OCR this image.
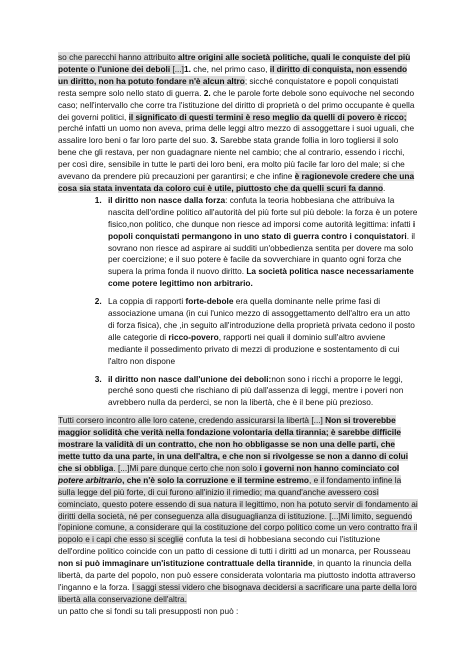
so che parecchi hanno attribuito altre origini alle società politiche, quali le conquiste del più potente o l'unione dei deboli [...]1. che, nel primo caso, il diritto di conquista, non essendo un diritto, non ha potuto fondare n'è alcun altro; sicché conquistatore e popoli conquistati resta sempre solo nello stato di guerra. 2. che le parole forte debole sono equivoche nel secondo caso; nell'intervallo che corre tra l'istituzione del diritto di proprietà o del primo occupante è quella dei governi politici, il significato di questi termini è reso meglio da quelli di povero è ricco; perché infatti un uomo non aveva, prima delle leggi altro mezzo di assoggettare i suoi uguali, che assalire loro beni o far loro parte del suo. 3. Sarebbe stata grande follia in loro togliersi il solo bene che gli restava, per non guadagnare niente nel cambio; che al contrario, essendo i ricchi, per così dire, sensibile in tutte le parti dei loro beni, era molto più facile far loro del male; si che avevano da prendere più precauzioni per garantirsi; e che infine è ragionevole credere che una cosa sia stata inventata da coloro cui è utile, piuttosto che da quelli scuri fa danno.

1. il diritto non nasce dalla forza: confuta la teoria hobbesiana che attribuiva la nascita dell'ordine politico all'autorità del più forte sul più debole: la forza è un potere fisico,non politico, che dunque non riesce ad imporsi come autorità legittima: infatti i popoli conquistati permangono in uno stato di guerra contro i conquistatori. il sovrano non riesce ad aspirare ai sudditi un'obbedienza sentita per dovere ma solo per coercizione; e il suo potere è facile da sovverchiare in quanto ogni forza che supera la prima fonda il nuovo diritto. La società politica nasce necessariamente come potere legittimo non arbitrario.
2. La coppia di rapporti forte-debole era quella dominante nelle prime fasi di associazione umana (in cui l'unico mezzo di assoggettamento dell'altro era un atto di forza fisica), che ,in seguito all'introduzione della proprietà privata cedono il posto alle categorie di ricco-povero, rapporti nei quali il dominio sull'altro avviene mediante il possedimento privato di mezzi di produzione e sostentamento di cui l'altro non dispone
3. il diritto non nasce dall'unione dei deboli:non sono i ricchi a proporre le leggi, perché sono questi che rischiano di più dall'assenza di leggi, mentre i poveri non avrebbero nulla da perderci, se non la libertà, che è il bene più prezioso.

Tutti corsero incontro alle loro catene, credendo assicurarsi la libertà [...] Non si troverebbe maggior solidità che verità nella fondazione volontaria della tirannia; è sarebbe difficile mostrare la validità di un contratto, che non ho obbligasse se non una delle parti, che mette tutto da una parte, in una dell'altra, e che non si rivolgesse se non a danno di colui che si obbliga. [...]Mi pare dunque certo che non solo i governi non hanno cominciato col potere arbitrario, che n'è solo la corruzione e il termine estremo, e il fondamento infine la sulla legge del più forte, di cui furono all'inizio il rimedio; ma quand'anche avessero così cominciato, questo potere essendo di sua natura il legittimo, non ha potuto servir di fondamento ai diritti della società, né per conseguenza alla disuguaglianza di istituzione. [...]Mi limito, seguendo l'opinione comune, a considerare qui la costituzione del corpo politico come un vero contratto fra il popolo e i capi che esso si sceglie confuta la tesi di hobbesiana secondo cui l'istituzione dell'ordine politico coincide con un patto di cessione di tutti i diritti ad un monarca, per Rousseau non si può immaginare un'istituzione contrattuale della tirannide, in quanto la rinuncia della libertà, da parte del popolo, non può essere considerata volontaria ma piuttosto indotta attraverso l'inganno e la forza. I saggi stessi videro che bisognava decidersi a sacrificare una parte della loro libertà alla conservazione dell'altra.

un patto che si fondi su tali presupposti non può :
